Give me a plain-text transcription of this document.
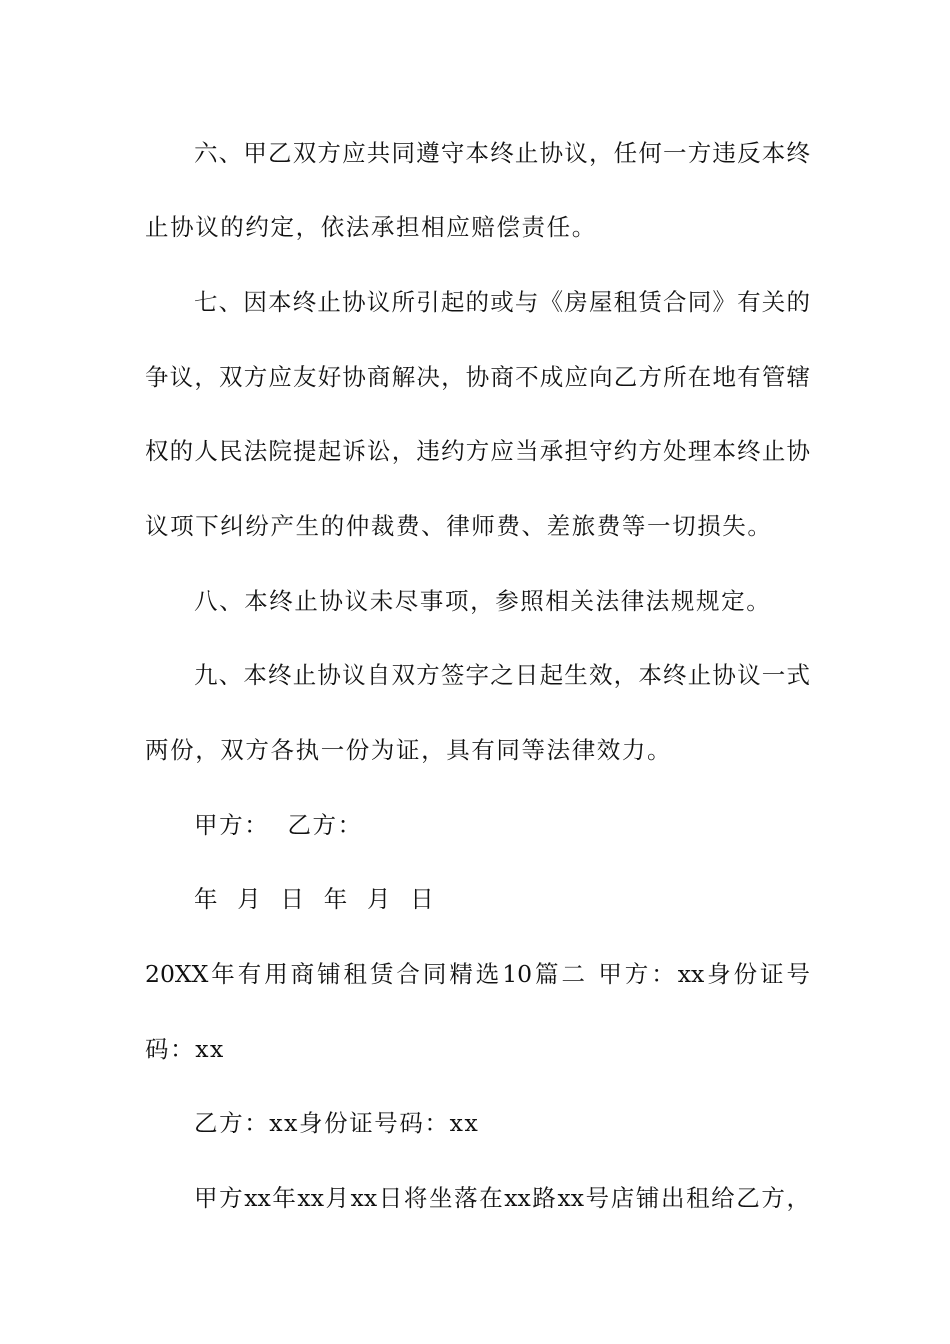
六、甲乙双方应共同遵守本终止协议，任何一方违反本终
止协议的约定，依法承担相应赔偿责任。
七、因本终止协议所引起的或与《房屋租赁合同》有关的
争议，双方应友好协商解决，协商不成应向乙方所在地有管辖
权的人民法院提起诉讼，违约方应当承担守约方处理本终止协
议项下纠纷产生的仲裁费、律师费、差旅费等一切损失。
八、本终止协议未尽事项，参照相关法律法规规定。
九、本终止协议自双方签字之日起生效，本终止协议一式
两份，双方各执一份为证，具有同等法律效力。
甲方：  乙方：
年  月  日  年  月  日
20XX年有用商铺租赁合同精选10篇二 甲方：xx身份证号
码：xx
乙方：xx身份证号码：xx
甲方xx年xx月xx日将坐落在xx路xx号店铺出租给乙方，
